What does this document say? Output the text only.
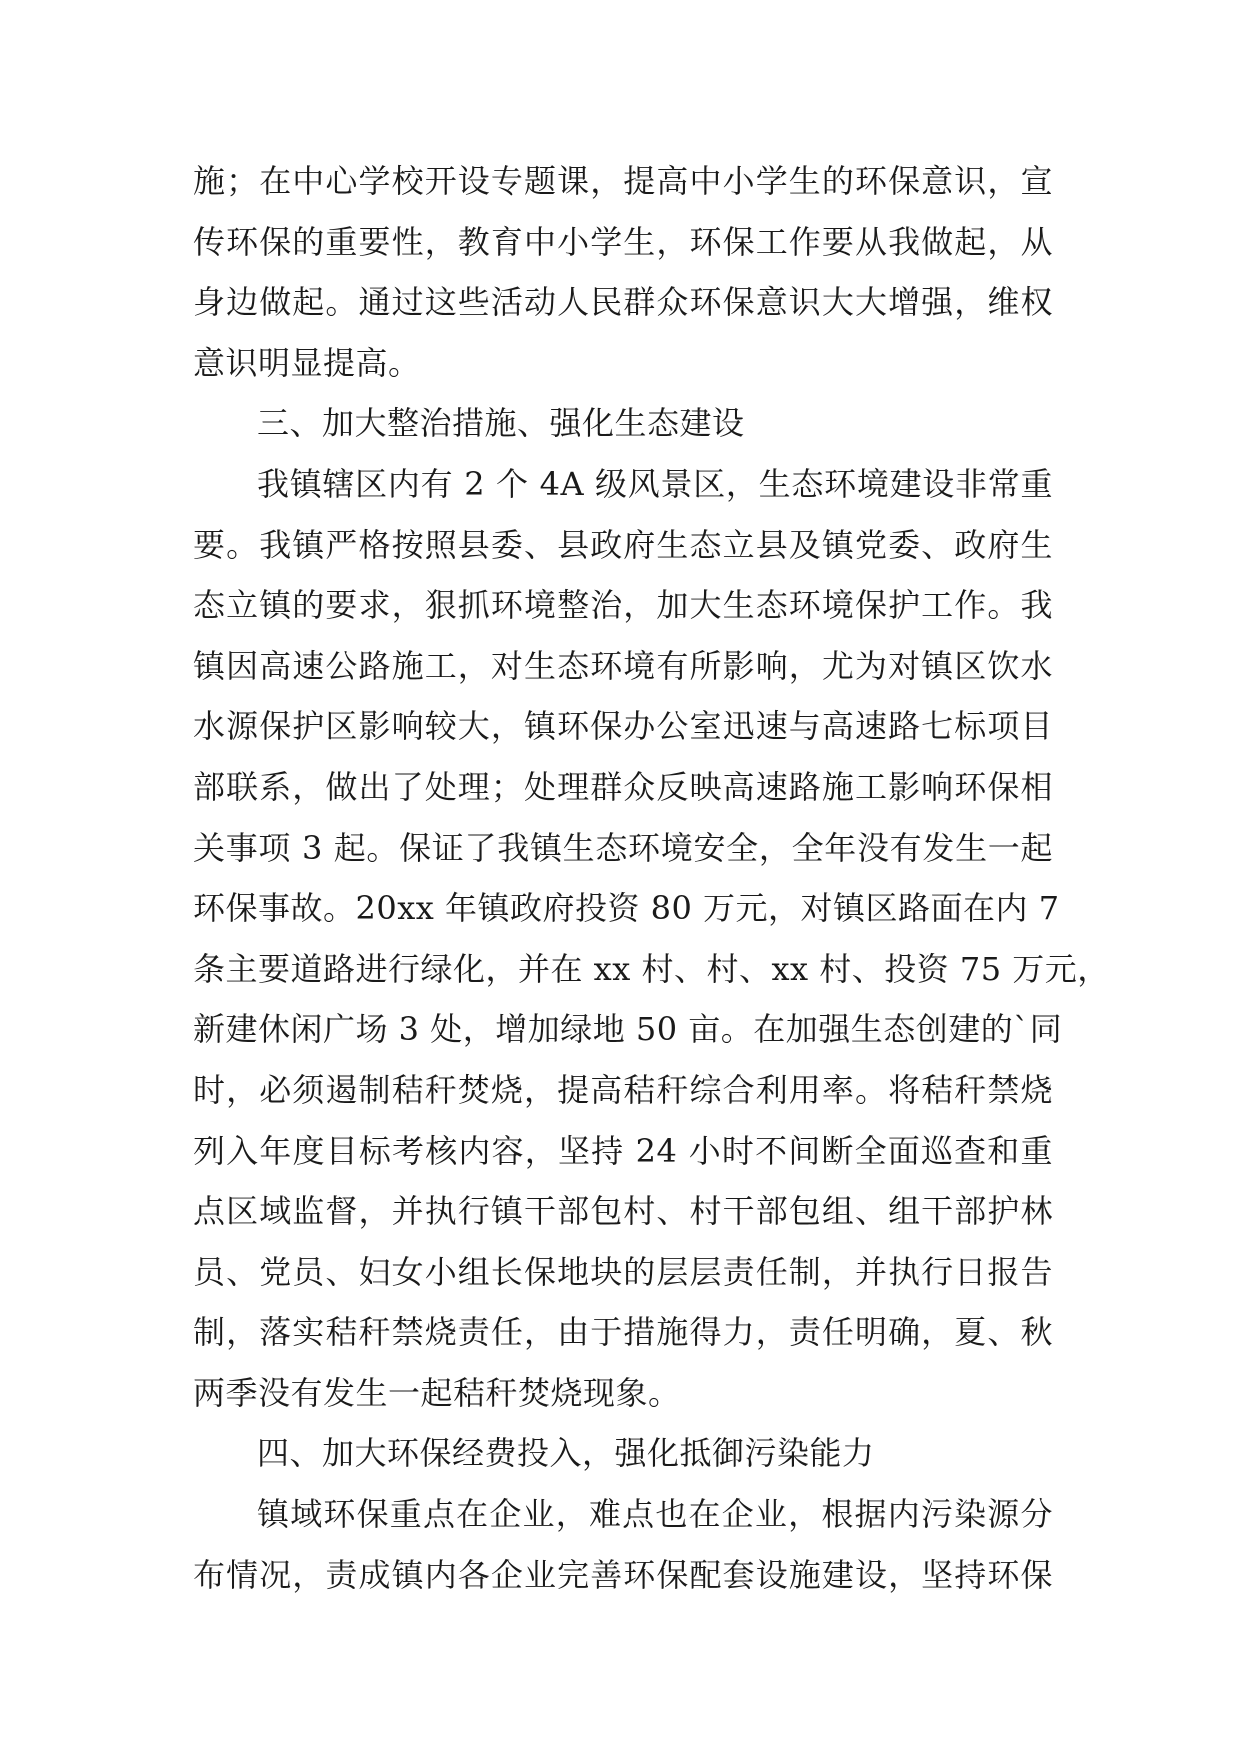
施；在中心学校开设专题课，提高中小学生的环保意识，宣
传环保的重要性，教育中小学生，环保工作要从我做起，从
身边做起。通过这些活动人民群众环保意识大大增强，维权
意识明显提高。
三、加大整治措施、强化生态建设
我镇辖区内有 2 个 4A 级风景区，生态环境建设非常重
要。我镇严格按照县委、县政府生态立县及镇党委、政府生
态立镇的要求，狠抓环境整治，加大生态环境保护工作。我
镇因高速公路施工，对生态环境有所影响，尤为对镇区饮水
水源保护区影响较大，镇环保办公室迅速与高速路七标项目
部联系，做出了处理；处理群众反映高速路施工影响环保相
关事项 3 起。保证了我镇生态环境安全，全年没有发生一起
环保事故。20xx 年镇政府投资 80 万元，对镇区路面在内 7
条主要道路进行绿化，并在 xx 村、村、xx 村、投资 75 万元，
新建休闲广场 3 处，增加绿地 50 亩。在加强生态创建的`同
时，必须遏制秸秆焚烧，提高秸秆综合利用率。将秸秆禁烧
列入年度目标考核内容，坚持 24 小时不间断全面巡查和重
点区域监督，并执行镇干部包村、村干部包组、组干部护林
员、党员、妇女小组长保地块的层层责任制，并执行日报告
制，落实秸秆禁烧责任，由于措施得力，责任明确，夏、秋
两季没有发生一起秸秆焚烧现象。
四、加大环保经费投入，强化抵御污染能力
镇域环保重点在企业，难点也在企业，根据内污染源分
布情况，责成镇内各企业完善环保配套设施建设，坚持环保
